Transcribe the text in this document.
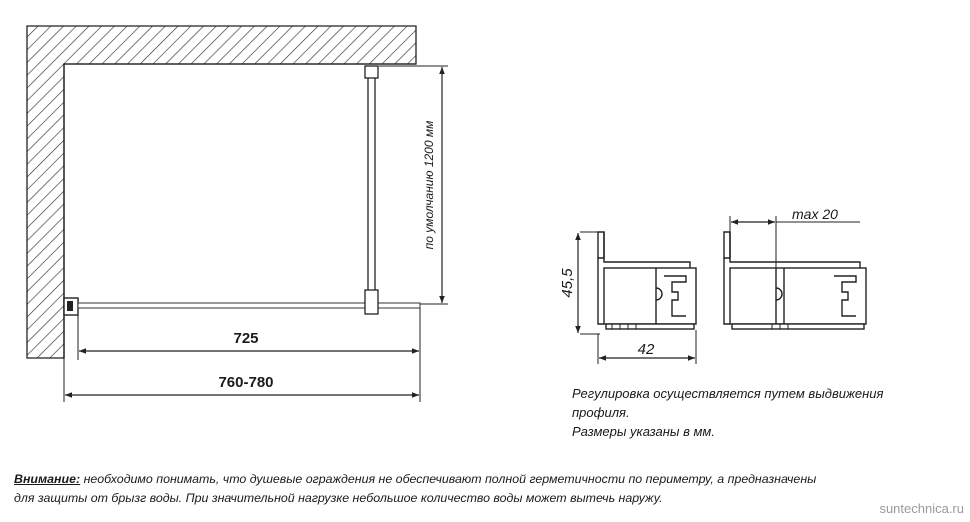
по умолчанию 1200 мм
725
760-780
45,5
42
max 20
Регулировка осуществляется путем выдвижения
профиля.
Размеры указаны в мм.
Внимание: необходимо понимать, что душевые ограждения не обеспечивают полной герметичности по периметру, а предназначены
для защиты от брызг воды. При значительной нагрузке небольшое количество воды может вытечь наружу.
suntechnica.ru
